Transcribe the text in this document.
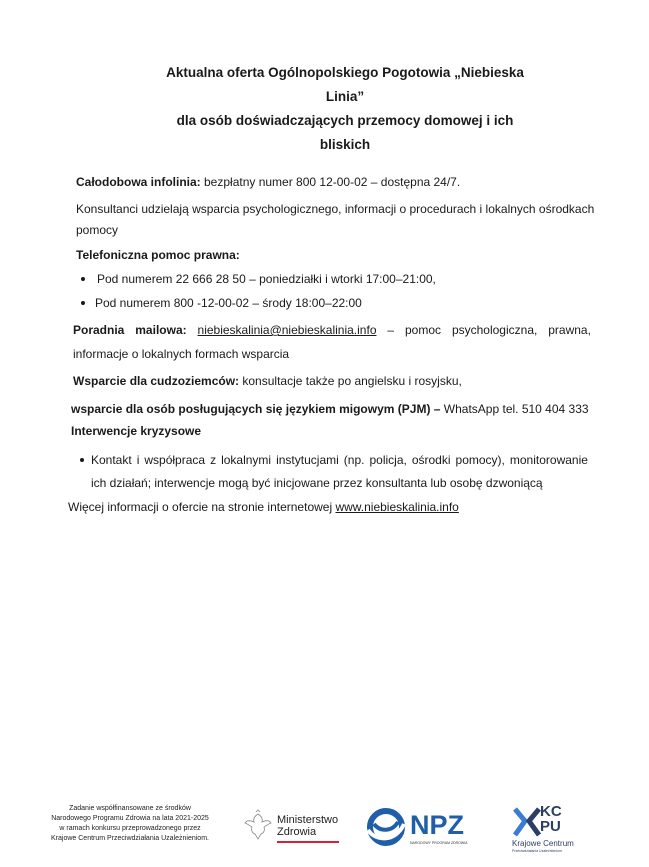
Aktualna oferta Ogólnopolskiego Pogotowia „Niebieska
Linia”
dla osób doświadczających przemocy domowej i ich
bliskich
Całodobowa infolinia: bezpłatny numer 800 12-00-02 – dostępna 24/7.
Konsultanci udzielają wsparcia psychologicznego, informacji o procedurach i lokalnych ośrodkach
pomocy
Telefoniczna pomoc prawna:
Pod numerem 22 666 28 50 – poniedziałki i wtorki 17:00–21:00,
Pod numerem 800 -12-00-02 – środy 18:00–22:00
Poradnia mailowa: niebieskalinia@niebieskalinia.info – pomoc psychologiczna, prawna,
informacje o lokalnych formach wsparcia
Wsparcie dla cudzoziemców: konsultacje także po angielsku i rosyjsku,
wsparcie dla osób posługujących się językiem migowym (PJM) – WhatsApp tel. 510 404 333
Interwencje kryzysowe
Kontakt i współpraca z lokalnymi instytucjami (np. policja, ośrodki pomocy), monitorowanie
ich działań; interwencje mogą być inicjowane przez konsultanta lub osobę dzwoniącą
Więcej informacji o ofercie na stronie internetowej www.niebieskalinia.info
Zadanie współfinansowane ze środków
Narodowego Programu Zdrowia na lata 2021-2025
w ramach konkursu przeprowadzonego przez
Krajowe Centrum Przeciwdziałania Uzależnieniom.
Ministerstwo
Zdrowia	NPZ
NARODOWY PROGRAM ZDROWIA
KC
PU
Krajowe Centrum
Przeciwdziałania Uzależnieniom
